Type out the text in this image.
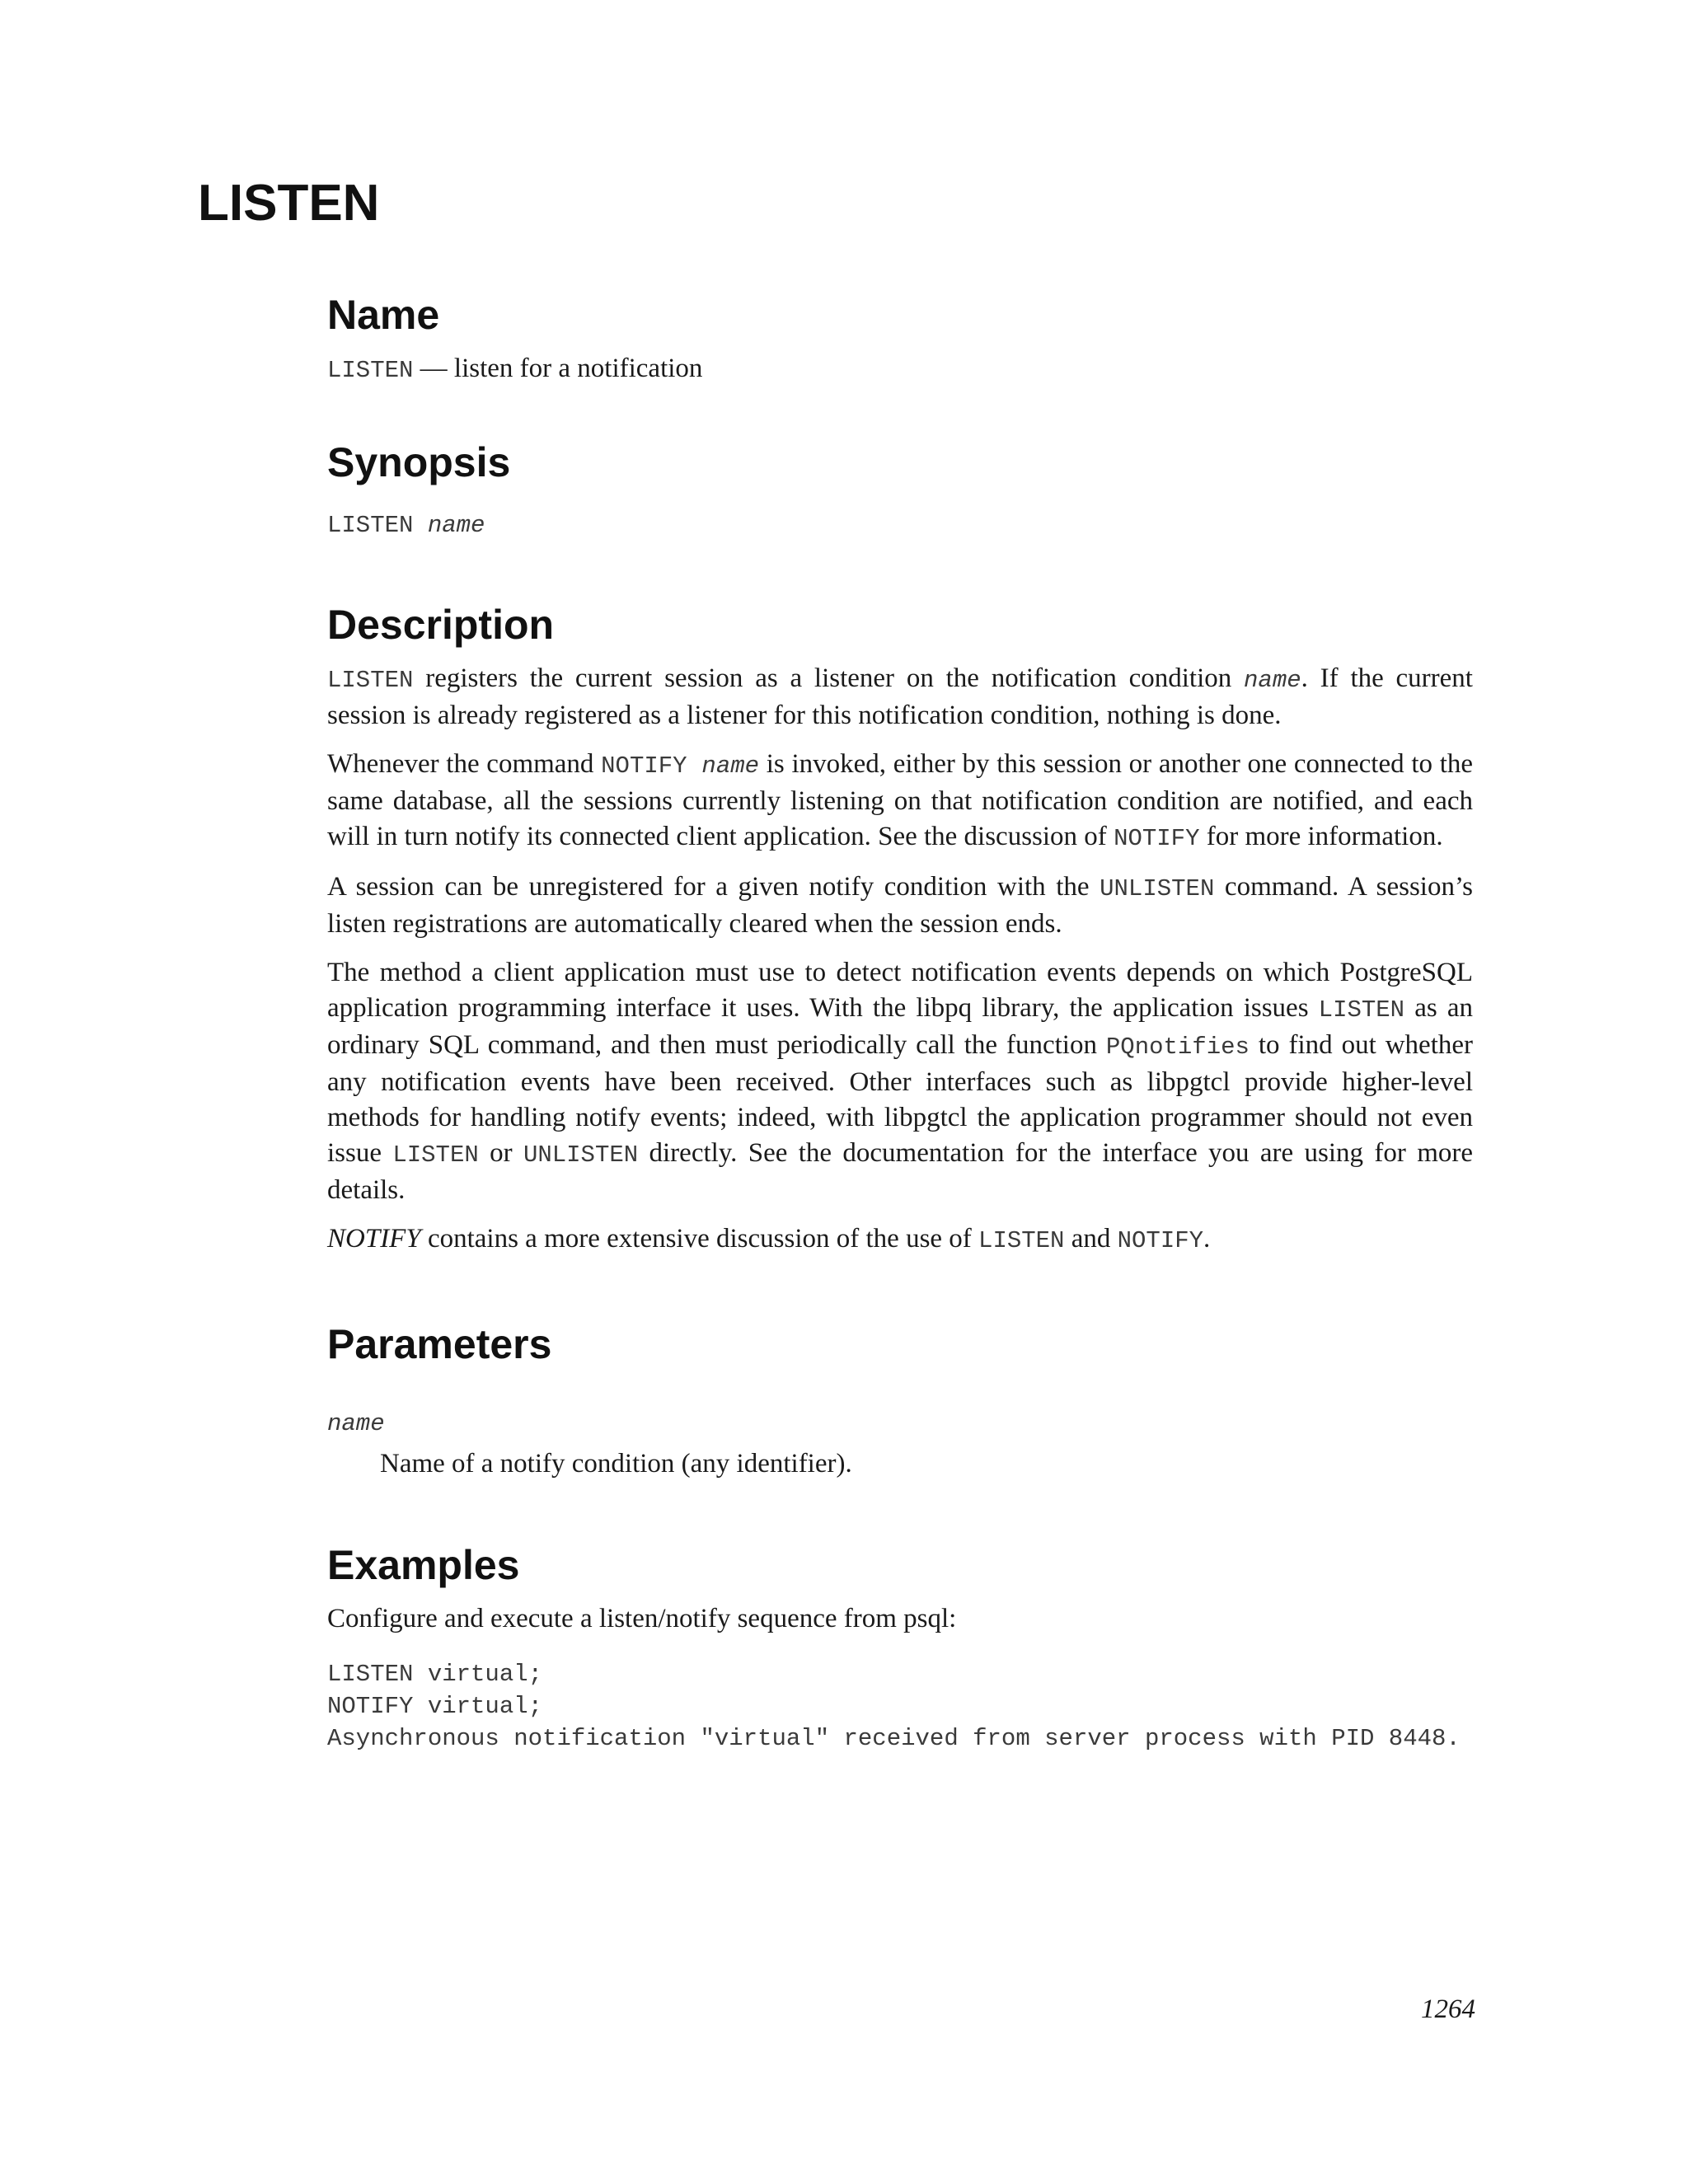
LISTEN
Name

LISTEN — listen for a notification

Synopsis
LISTEN name
Description

LISTEN registers the current session as a listener on the notification condition name. If the current session is already registered as a listener for this notification condition, nothing is done.

Whenever the command NOTIFY name is invoked, either by this session or another one connected to the same database, all the sessions currently listening on that notification condition are notified, and each will in turn notify its connected client application. See the discussion of NOTIFY for more information.

A session can be unregistered for a given notify condition with the UNLISTEN command. A session’s listen registrations are automatically cleared when the session ends.

The method a client application must use to detect notification events depends on which PostgreSQL application programming interface it uses. With the libpq library, the application issues LISTEN as an ordinary SQL command, and then must periodically call the function PQnotifies to find out whether any notification events have been received. Other interfaces such as libpgtcl provide higher-level methods for handling notify events; indeed, with libpgtcl the application programmer should not even issue LISTEN or UNLISTEN directly. See the documentation for the interface you are using for more details.

NOTIFY contains a more extensive discussion of the use of LISTEN and NOTIFY.

Parameters
name
Name of a notify condition (any identifier).
Examples

Configure and execute a listen/notify sequence from psql:

LISTEN virtual;
NOTIFY virtual;
Asynchronous notification "virtual" received from server process with PID 8448.
1264
